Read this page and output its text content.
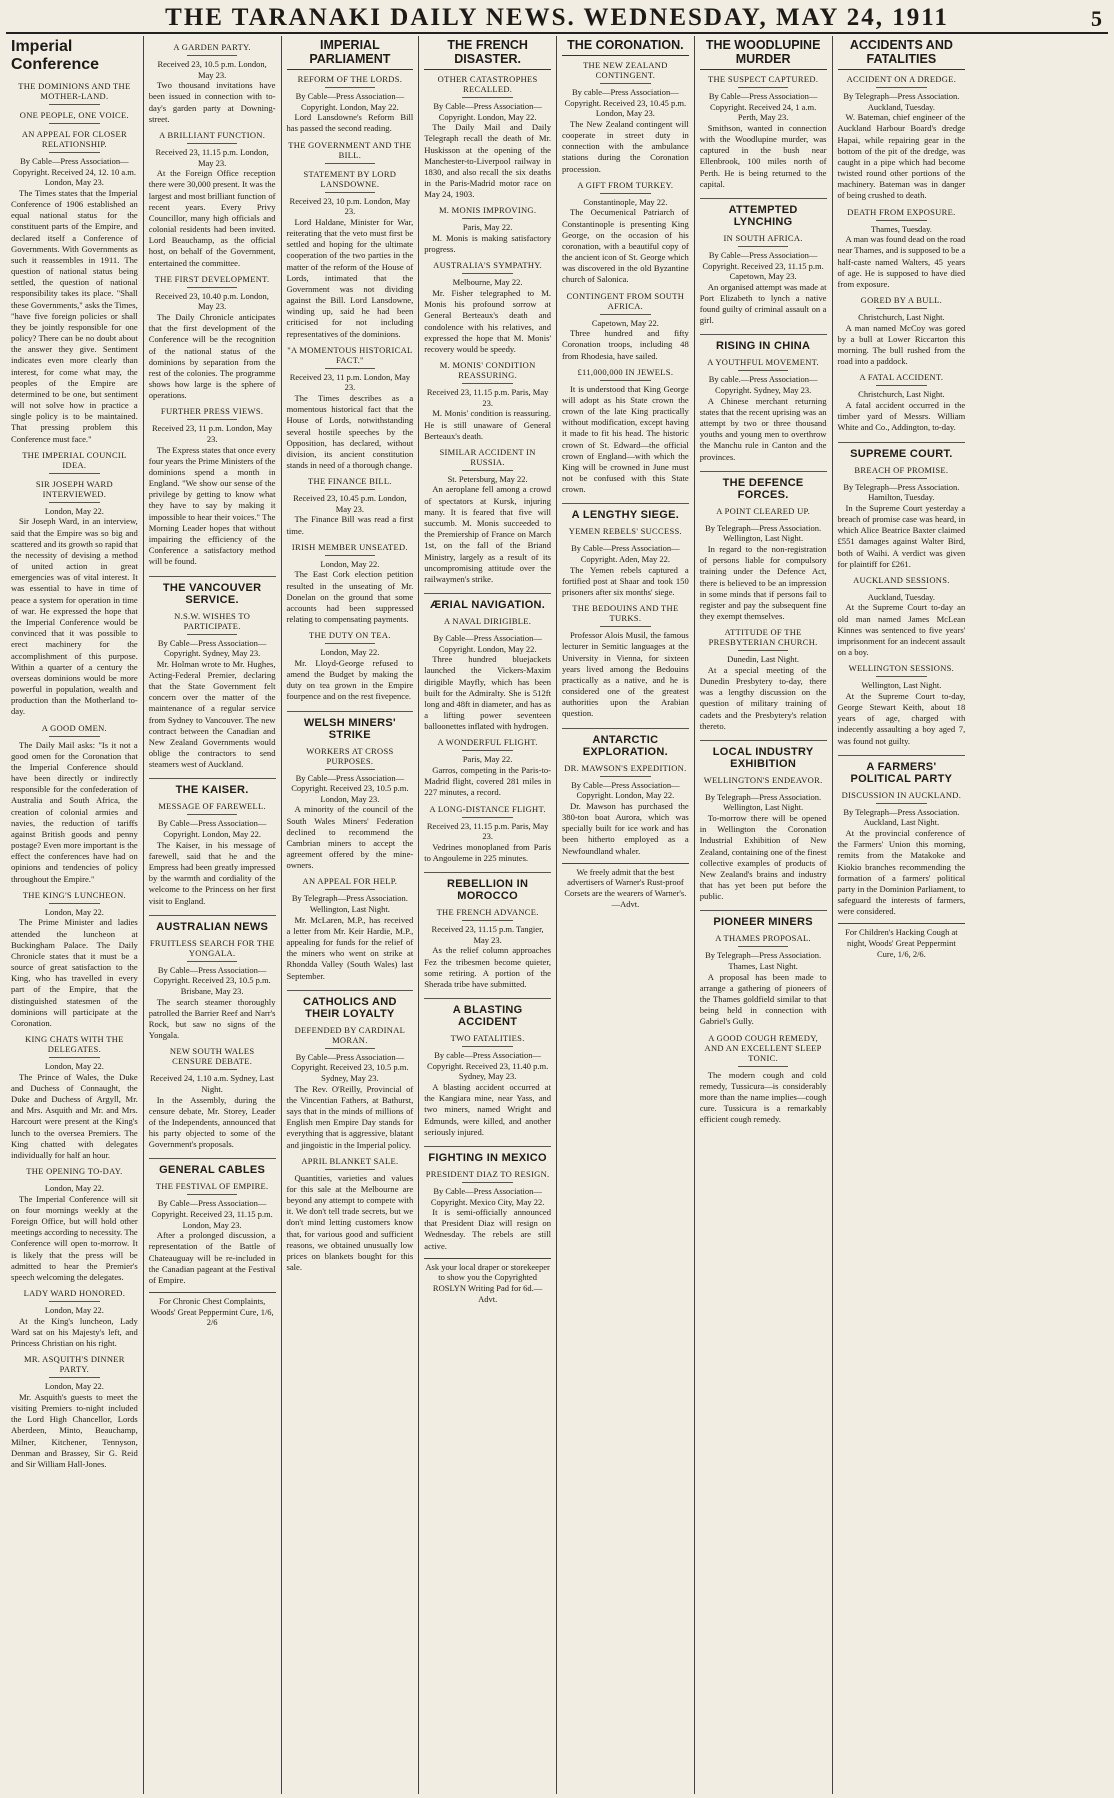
THE TARANAKI DAILY NEWS. WEDNESDAY, MAY 24, 1911	5
Imperial Conference
THE DOMINIONS AND THE MOTHER-LAND.
ONE PEOPLE, ONE VOICE.
AN APPEAL FOR CLOSER RELATIONSHIP.
By Cable—Press Association—Copyright. Received 24, 12. 10 a.m. London, May 23.
The Times states that the Imperial Conference of 1906 established an equal national status for the constituent parts of the Empire, and declared itself a Conference of Governments. With Governments as such it reassembles in 1911. The question of national status being settled, the question of national responsibility takes its place. "Shall these Governments," asks the Times, "have five foreign policies or shall they be jointly responsible for one policy? There can be no doubt about the answer they give. Sentiment indicates even more clearly than interest, for come what may, the peoples of the Empire are determined to be one, but sentiment will not solve how in practice a single policy is to be maintained. That pressing problem this Conference must face."
THE IMPERIAL COUNCIL IDEA.
SIR JOSEPH WARD INTERVIEWED.
London, May 22.
Sir Joseph Ward, in an interview, said that the Empire was so big and scattered and its growth so rapid that the necessity of devising a method of united action in great emergencies was of vital interest. It was essential to have in time of peace a system for operation in time of war. He expressed the hope that the Imperial Conference would be convinced that it was possible to erect machinery for the accomplishment of this purpose. Within a quarter of a century the overseas dominions would be more powerful in population, wealth and production than the Motherland to-day.
A GOOD OMEN.
The Daily Mail asks: "Is it not a good omen for the Coronation that the Imperial Conference should have been directly or indirectly responsible for the confederation of Australia and South Africa, the creation of colonial armies and navies, the reduction of tariffs against British goods and penny postage? Even more important is the effect the conferences have had on opinions and tendencies of policy throughout the Empire."
THE KING'S LUNCHEON.
London, May 22.
The Prime Minister and ladies attended the luncheon at Buckingham Palace. The Daily Chronicle states that it must be a source of great satisfaction to the King, who has travelled in every part of the Empire, that the distinguished statesmen of the dominions will participate at the Coronation.
KING CHATS WITH THE DELEGATES.
London, May 22.
The Prince of Wales, the Duke and Duchess of Connaught, the Duke and Duchess of Argyll, Mr. and Mrs. Asquith and Mr. and Mrs. Harcourt were present at the King's lunch to the oversea Premiers. The King chatted with delegates individually for half an hour.
THE OPENING TO-DAY.
London, May 22.
The Imperial Conference will sit on four mornings weekly at the Foreign Office, but will hold other meetings according to necessity. The Conference will open to-morrow. It is likely that the press will be admitted to hear the Premier's speech welcoming the delegates.
LADY WARD HONORED.
London, May 22.
At the King's luncheon, Lady Ward sat on his Majesty's left, and Princess Christian on his right.
MR. ASQUITH'S DINNER PARTY.
London, May 22.
Mr. Asquith's guests to meet the visiting Premiers to-night included the Lord High Chancellor, Lords Aberdeen, Minto, Beauchamp, Milner, Kitchener, Tennyson, Denman and Brassey, Sir G. Reid and Sir William Hall-Jones.
A GARDEN PARTY.
Received 23, 10.5 p.m. London, May 23.
Two thousand invitations have been issued in connection with to-day's garden party at Downing-street.
A BRILLIANT FUNCTION.
Received 23, 11.15 p.m. London, May 23.
At the Foreign Office reception there were 30,000 present. It was the largest and most brilliant function of recent years. Every Privy Councillor, many high officials and colonial residents had been invited. Lord Beauchamp, as the official host, on behalf of the Government, entertained the committee.
THE FIRST DEVELOPMENT.
Received 23, 10.40 p.m. London, May 23.
The Daily Chronicle anticipates that the first development of the Conference will be the recognition of the national status of the dominions by separation from the rest of the colonies. The programme shows how large is the sphere of operations.
FURTHER PRESS VIEWS.
Received 23, 11 p.m. London, May 23.
The Express states that once every four years the Prime Ministers of the dominions spend a month in England. "We show our sense of the privilege by getting to know what they have to say by making it impossible to hear their voices." The Morning Leader hopes that without impairing the efficiency of the Conference a satisfactory method will be found.
THE VANCOUVER SERVICE.
N.S.W. WISHES TO PARTICIPATE.
By Cable—Press Association—Copyright. Sydney, May 23.
Mr. Holman wrote to Mr. Hughes, Acting-Federal Premier, declaring that the State Government felt concern over the matter of the maintenance of a regular service from Sydney to Vancouver. The new contract between the Canadian and New Zealand Governments would oblige the contractors to send steamers west of Auckland.
THE KAISER.
MESSAGE OF FAREWELL.
By Cable—Press Association—Copyright. London, May 22.
The Kaiser, in his message of farewell, said that he and the Empress had been greatly impressed by the warmth and cordiality of the welcome to the Princess on her first visit to England.
AUSTRALIAN NEWS
FRUITLESS SEARCH FOR THE YONGALA.
By Cable—Press Association—Copyright. Received 23, 10.5 p.m. Brisbane, May 23.
The search steamer thoroughly patrolled the Barrier Reef and Narr's Rock, but saw no signs of the Yongala.
NEW SOUTH WALES CENSURE DEBATE.
Received 24, 1.10 a.m. Sydney, Last Night.
In the Assembly, during the censure debate, Mr. Storey, Leader of the Independents, announced that his party objected to some of the Government's proposals.
GENERAL CABLES
THE FESTIVAL OF EMPIRE.
By Cable—Press Association—Copyright. Received 23, 11.15 p.m. London, May 23.
After a prolonged discussion, a representation of the Battle of Chateauguay will be re-included in the Canadian pageant at the Festival of Empire.
For Chronic Chest Complaints, Woods' Great Peppermint Cure, 1/6, 2/6
IMPERIAL PARLIAMENT
REFORM OF THE LORDS.
By Cable—Press Association—Copyright. London, May 22.
Lord Lansdowne's Reform Bill has passed the second reading.
THE GOVERNMENT AND THE BILL.
STATEMENT BY LORD LANSDOWNE.
Received 23, 10 p.m. London, May 23.
Lord Haldane, Minister for War, reiterating that the veto must first be settled and hoping for the ultimate cooperation of the two parties in the matter of the reform of the House of Lords, intimated that the Government was not dividing against the Bill. Lord Lansdowne, winding up, said he had been criticised for not including representatives of the dominions.
"A MOMENTOUS HISTORICAL FACT."
Received 23, 11 p.m. London, May 23.
The Times describes as a momentous historical fact that the House of Lords, notwithstanding several hostile speeches by the Opposition, has declared, without division, its ancient constitution stands in need of a thorough change.
THE FINANCE BILL.
Received 23, 10.45 p.m. London, May 23.
The Finance Bill was read a first time.
IRISH MEMBER UNSEATED.
London, May 22.
The East Cork election petition resulted in the unseating of Mr. Donelan on the ground that some accounts had been suppressed relating to compensating payments.
THE DUTY ON TEA.
London, May 22.
Mr. Lloyd-George refused to amend the Budget by making the duty on tea grown in the Empire fourpence and on the rest fivepence.
WELSH MINERS' STRIKE
WORKERS AT CROSS PURPOSES.
By Cable—Press Association—Copyright. Received 23, 10.5 p.m. London, May 23.
A minority of the council of the South Wales Miners' Federation declined to recommend the Cambrian miners to accept the agreement offered by the mine-owners.
AN APPEAL FOR HELP.
By Telegraph—Press Association. Wellington, Last Night.
Mr. McLaren, M.P., has received a letter from Mr. Keir Hardie, M.P., appealing for funds for the relief of the miners who went on strike at Rhondda Valley (South Wales) last September.
CATHOLICS AND THEIR LOYALTY
DEFENDED BY CARDINAL MORAN.
By Cable—Press Association—Copyright. Received 23, 10.5 p.m. Sydney, May 23.
The Rev. O'Reilly, Provincial of the Vincentian Fathers, at Bathurst, says that in the minds of millions of English men Empire Day stands for everything that is aggressive, blatant and jingoistic in the Imperial policy.
APRIL BLANKET SALE.
Quantities, varieties and values for this sale at the Melbourne are beyond any attempt to compete with it. We don't tell trade secrets, but we don't mind letting customers know that, for various good and sufficient reasons, we obtained unusually low prices on blankets bought for this sale.
THE FRENCH DISASTER.
OTHER CATASTROPHES RECALLED.
By Cable—Press Association—Copyright. London, May 22.
The Daily Mail and Daily Telegraph recall the death of Mr. Huskisson at the opening of the Manchester-to-Liverpool railway in 1830, and also recall the six deaths in the Paris-Madrid motor race on May 24, 1903.
M. MONIS IMPROVING.
Paris, May 22.
M. Monis is making satisfactory progress.
AUSTRALIA'S SYMPATHY.
Melbourne, May 22.
Mr. Fisher telegraphed to M. Monis his profound sorrow at General Berteaux's death and condolence with his relatives, and expressed the hope that M. Monis' recovery would be speedy.
M. MONIS' CONDITION REASSURING.
Received 23, 11.15 p.m. Paris, May 23.
M. Monis' condition is reassuring. He is still unaware of General Berteaux's death.
SIMILAR ACCIDENT IN RUSSIA.
St. Petersburg, May 22.
An aeroplane fell among a crowd of spectators at Kursk, injuring many. It is feared that five will succumb. M. Monis succeeded to the Premiership of France on March 1st, on the fall of the Briand Ministry, largely as a result of its uncompromising attitude over the railwaymen's strike.
ÆRIAL NAVIGATION.
A NAVAL DIRIGIBLE.
By Cable—Press Association—Copyright. London, May 22.
Three hundred bluejackets launched the Vickers-Maxim dirigible Mayfly, which has been built for the Admiralty. She is 512ft long and 48ft in diameter, and has as a lifting power seventeen balloonettes inflated with hydrogen.
A WONDERFUL FLIGHT.
Paris, May 22.
Garros, competing in the Paris-to-Madrid flight, covered 281 miles in 227 minutes, a record.
A LONG-DISTANCE FLIGHT.
Received 23, 11.15 p.m. Paris, May 23.
Vedrines monoplaned from Paris to Angouleme in 225 minutes.
REBELLION IN MOROCCO
THE FRENCH ADVANCE.
Received 23, 11.15 p.m. Tangier, May 23.
As the relief column approaches Fez the tribesmen become quieter, some retiring. A portion of the Sherada tribe have submitted.
A BLASTING ACCIDENT
TWO FATALITIES.
By cable—Press Association—Copyright. Received 23, 11.40 p.m. Sydney, May 23.
A blasting accident occurred at the Kangiara mine, near Yass, and two miners, named Wright and Edmunds, were killed, and another seriously injured.
FIGHTING IN MEXICO
PRESIDENT DIAZ TO RESIGN.
By Cable—Press Association—Copyright. Mexico City, May 22.
It is semi-officially announced that President Diaz will resign on Wednesday. The rebels are still active.
Ask your local draper or storekeeper to show you the Copyrighted ROSLYN Writing Pad for 6d.—Advt.
THE CORONATION.
THE NEW ZEALAND CONTINGENT.
By cable—Press Association—Copyright. Received 23, 10.45 p.m. London, May 23.
The New Zealand contingent will cooperate in street duty in connection with the ambulance stations during the Coronation procession.
A GIFT FROM TURKEY.
Constantinople, May 22.
The Oecumenical Patriarch of Constantinople is presenting King George, on the occasion of his coronation, with a beautiful copy of the ancient icon of St. George which was discovered in the old Byzantine church of Salonica.
CONTINGENT FROM SOUTH AFRICA.
Capetown, May 22.
Three hundred and fifty Coronation troops, including 48 from Rhodesia, have sailed.
£11,000,000 IN JEWELS.
It is understood that King George will adopt as his State crown the crown of the late King practically without modification, except having it made to fit his head. The historic crown of St. Edward—the official crown of England—with which the King will be crowned in June must not be confused with this State crown.
A LENGTHY SIEGE.
YEMEN REBELS' SUCCESS.
By Cable—Press Association—Copyright. Aden, May 22.
The Yemen rebels captured a fortified post at Shaar and took 150 prisoners after six months' siege.
THE BEDOUINS AND THE TURKS.
Professor Alois Musil, the famous lecturer in Semitic languages at the University in Vienna, for sixteen years lived among the Bedouins practically as a native, and he is considered one of the greatest authorities upon the Arabian question.
ANTARCTIC EXPLORATION.
DR. MAWSON'S EXPEDITION.
By Cable—Press Association—Copyright. London, May 22.
Dr. Mawson has purchased the 380-ton boat Aurora, which was specially built for ice work and has been hitherto employed as a Newfoundland whaler.
We freely admit that the best advertisers of Warner's Rust-proof Corsets are the wearers of Warner's.—Advt.
THE WOODLUPINE MURDER
THE SUSPECT CAPTURED.
By Cable—Press Association—Copyright. Received 24, 1 a.m. Perth, May 23.
Smithson, wanted in connection with the Woodlupine murder, was captured in the bush near Ellenbrook, 100 miles north of Perth. He is being returned to the capital.
ATTEMPTED LYNCHING
IN SOUTH AFRICA.
By Cable—Press Association—Copyright. Received 23, 11.15 p.m. Capetown, May 23.
An organised attempt was made at Port Elizabeth to lynch a native found guilty of criminal assault on a girl.
RISING IN CHINA
A YOUTHFUL MOVEMENT.
By cable.—Press Association—Copyright. Sydney, May 23.
A Chinese merchant returning states that the recent uprising was an attempt by two or three thousand youths and young men to overthrow the Manchu rule in Canton and the provinces.
THE DEFENCE FORCES.
A POINT CLEARED UP.
By Telegraph—Press Association. Wellington, Last Night.
In regard to the non-registration of persons liable for compulsory training under the Defence Act, there is believed to be an impression in some minds that if persons fail to register and pay the subsequent fine they exempt themselves.
ATTITUDE OF THE PRESBYTERIAN CHURCH.
Dunedin, Last Night.
At a special meeting of the Dunedin Presbytery to-day, there was a lengthy discussion on the question of military training of cadets and the Presbytery's relation thereto.
LOCAL INDUSTRY EXHIBITION
WELLINGTON'S ENDEAVOR.
By Telegraph—Press Association. Wellington, Last Night.
To-morrow there will be opened in Wellington the Coronation Industrial Exhibition of New Zealand, containing one of the finest collective examples of products of New Zealand's brains and industry that has yet been put before the public.
PIONEER MINERS
A THAMES PROPOSAL.
By Telegraph—Press Association. Thames, Last Night.
A proposal has been made to arrange a gathering of pioneers of the Thames goldfield similar to that being held in connection with Gabriel's Gully.
A GOOD COUGH REMEDY, AND AN EXCELLENT SLEEP TONIC.
The modern cough and cold remedy, Tussicura—is considerably more than the name implies—cough cure. Tussicura is a remarkably efficient cough remedy.
ACCIDENTS AND FATALITIES
ACCIDENT ON A DREDGE.
By Telegraph—Press Association. Auckland, Tuesday.
W. Bateman, chief engineer of the Auckland Harbour Board's dredge Hapai, while repairing gear in the bottom of the pit of the dredge, was caught in a pipe which had become twisted round other portions of the machinery. Bateman was in danger of being crushed to death.
DEATH FROM EXPOSURE.
Thames, Tuesday.
A man was found dead on the road near Thames, and is supposed to be a half-caste named Walters, 45 years of age. He is supposed to have died from exposure.
GORED BY A BULL.
Christchurch, Last Night.
A man named McCoy was gored by a bull at Lower Riccarton this morning. The bull rushed from the road into a paddock.
A FATAL ACCIDENT.
Christchurch, Last Night.
A fatal accident occurred in the timber yard of Messrs. William White and Co., Addington, to-day.
SUPREME COURT.
BREACH OF PROMISE.
By Telegraph—Press Association. Hamilton, Tuesday.
In the Supreme Court yesterday a breach of promise case was heard, in which Alice Beatrice Baxter claimed £551 damages against Walter Bird, both of Waihi. A verdict was given for plaintiff for £261.
AUCKLAND SESSIONS.
Auckland, Tuesday.
At the Supreme Court to-day an old man named James McLean Kinnes was sentenced to five years' imprisonment for an indecent assault on a boy.
WELLINGTON SESSIONS.
Wellington, Last Night.
At the Supreme Court to-day, George Stewart Keith, about 18 years of age, charged with indecently assaulting a boy aged 7, was found not guilty.
A FARMERS' POLITICAL PARTY
DISCUSSION IN AUCKLAND.
By Telegraph—Press Association. Auckland, Last Night.
At the provincial conference of the Farmers' Union this morning, remits from the Matakoke and Kiokio branches recommending the formation of a farmers' political party in the Dominion Parliament, to safeguard the interests of farmers, were considered.
For Children's Hacking Cough at night, Woods' Great Peppermint Cure, 1/6, 2/6.
